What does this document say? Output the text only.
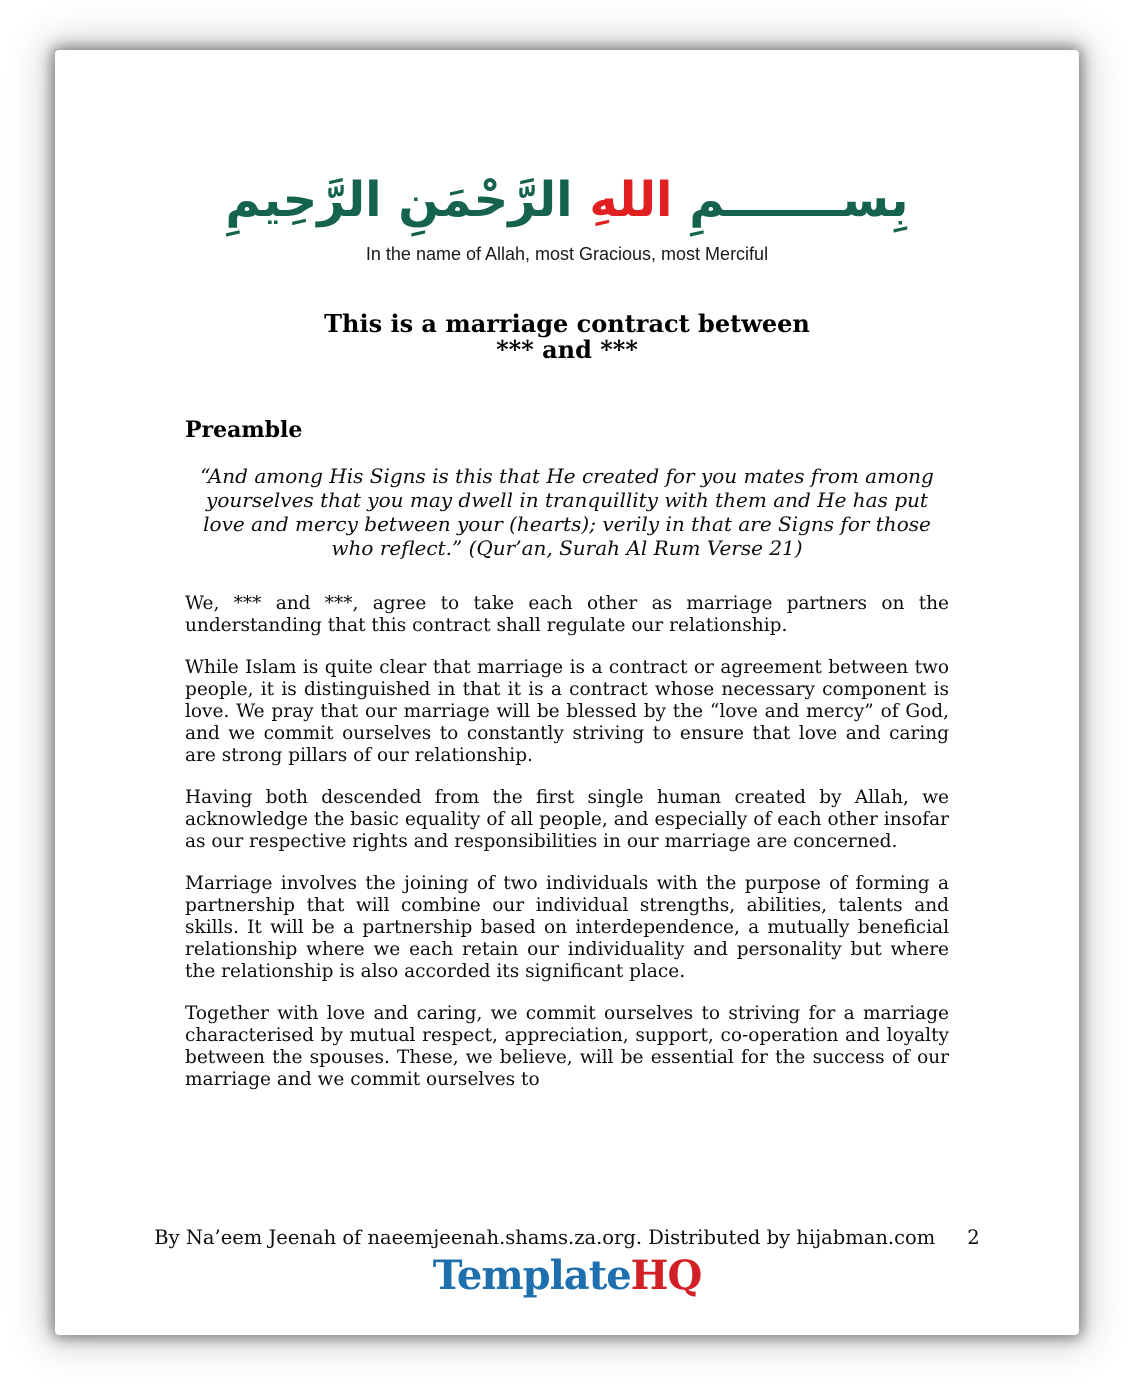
بِســـــــمِ اللهِ الرَّحْمَنِ الرَّحِيمِ
In the name of Allah, most Gracious, most Merciful
This is a marriage contract between
*** and ***
Preamble
“And among His Signs is this that He created for you mates from among yourselves that you may dwell in tranquillity with them and He has put love and mercy between your (hearts); verily in that are Signs for those who reflect.” (Qur’an, Surah Al Rum Verse 21)

We, *** and ***, agree to take each other as marriage partners on the understanding that this contract shall regulate our relationship.

While Islam is quite clear that marriage is a contract or agreement between two people, it is distinguished in that it is a contract whose necessary component is love. We pray that our marriage will be blessed by the “love and mercy” of God, and we commit ourselves to constantly striving to ensure that love and caring are strong pillars of our relationship.

Having both descended from the first single human created by Allah, we acknowledge the basic equality of all people, and especially of each other insofar as our respective rights and responsibilities in our marriage are concerned.

Marriage involves the joining of two individuals with the purpose of forming a partnership that will combine our individual strengths, abilities, talents and skills. It will be a partnership based on interdependence, a mutually beneficial relationship where we each retain our individuality and personality but where the relationship is also accorded its significant place.

Together with love and caring, we commit ourselves to striving for a marriage characterised by mutual respect, appreciation, support, co-operation and loyalty between the spouses. These, we believe, will be essential for the success of our marriage and we commit ourselves to

By Na’eem Jeenah of naeemjeenah.shams.za.org. Distributed by hijabman.com 2
TemplateHQ
